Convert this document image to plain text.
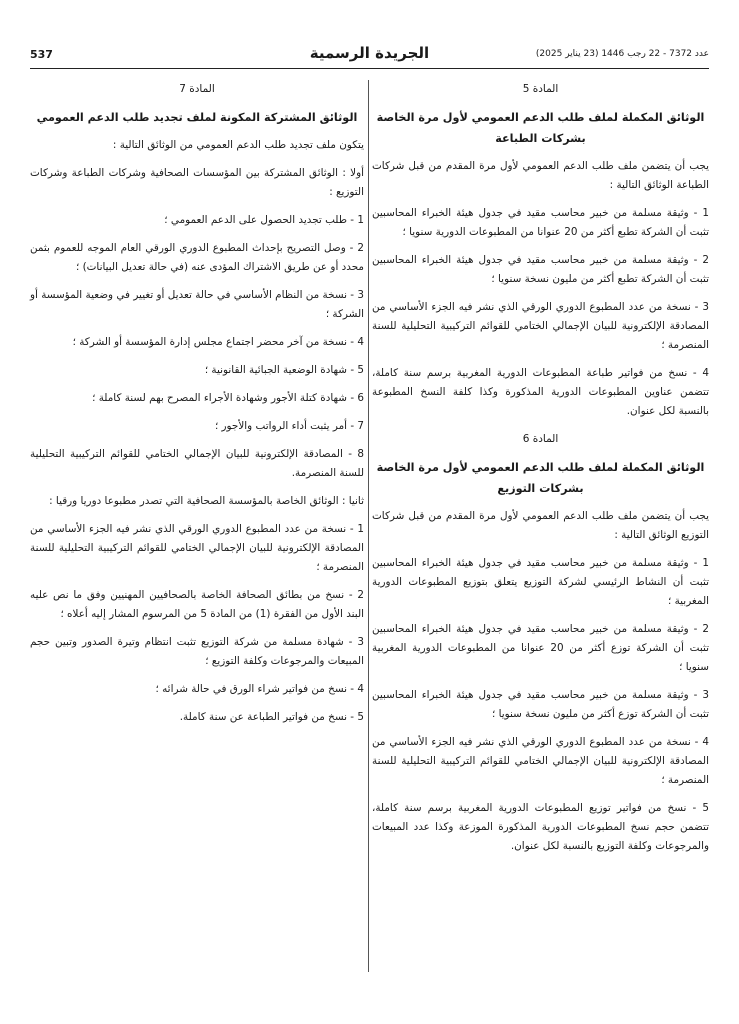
537	الجريدة الرسمية	عدد 7372 - 22 رجب 1446 (23 يناير 2025)

المادة 5

الوثائق المكملة لملف طلب الدعم العمومي لأول مرة الخاصة بشركات الطباعة

يجب أن يتضمن ملف طلب الدعم العمومي لأول مرة المقدم من قبل شركات الطباعة الوثائق التالية :

1 - وثيقة مسلمة من خبير محاسب مقيد في جدول هيئة الخبراء المحاسبين تثبت أن الشركة تطبع أكثر من 20 عنوانا من المطبوعات الدورية سنويا ؛

2 - وثيقة مسلمة من خبير محاسب مقيد في جدول هيئة الخبراء المحاسبين تثبت أن الشركة تطبع أكثر من مليون نسخة سنويا ؛

3 - نسخة من عدد المطبوع الدوري الورقي الذي نشر فيه الجزء الأساسي من المصادقة الإلكترونية للبيان الإجمالي الختامي للقوائم التركيبية التحليلية للسنة المنصرمة ؛

4 - نسخ من فواتير طباعة المطبوعات الدورية المغربية برسم سنة كاملة، تتضمن عناوين المطبوعات الدورية المذكورة وكذا كلفة النسخ المطبوعة بالنسبة لكل عنوان.

المادة 6

الوثائق المكملة لملف طلب الدعم العمومي لأول مرة الخاصة بشركات التوزيع

يجب أن يتضمن ملف طلب الدعم العمومي لأول مرة المقدم من قبل شركات التوزيع الوثائق التالية :

1 - وثيقة مسلمة من خبير محاسب مقيد في جدول هيئة الخبراء المحاسبين تثبت أن النشاط الرئيسي لشركة التوزيع يتعلق بتوزيع المطبوعات الدورية المغربية ؛

2 - وثيقة مسلمة من خبير محاسب مقيد في جدول هيئة الخبراء المحاسبين تثبت أن الشركة توزع أكثر من 20 عنوانا من المطبوعات الدورية المغربية سنويا ؛

3 - وثيقة مسلمة من خبير محاسب مقيد في جدول هيئة الخبراء المحاسبين تثبت أن الشركة توزع أكثر من مليون نسخة سنويا ؛

4 - نسخة من عدد المطبوع الدوري الورقي الذي نشر فيه الجزء الأساسي من المصادقة الإلكترونية للبيان الإجمالي الختامي للقوائم التركيبية التحليلية للسنة المنصرمة ؛

5 - نسخ من فواتير توزيع المطبوعات الدورية المغربية برسم سنة كاملة، تتضمن حجم نسخ المطبوعات الدورية المذكورة الموزعة وكذا عدد المبيعات والمرجوعات وكلفة التوزيع بالنسبة لكل عنوان.

المادة 7

الوثائق المشتركة المكونة لملف تجديد طلب الدعم العمومي

يتكون ملف تجديد طلب الدعم العمومي من الوثائق التالية :

أولا : الوثائق المشتركة بين المؤسسات الصحافية وشركات الطباعة وشركات التوزيع :

1 - طلب تجديد الحصول على الدعم العمومي ؛

2 - وصل التصريح بإحداث المطبوع الدوري الورقي العام الموجه للعموم بثمن محدد أو عن طريق الاشتراك المؤدى عنه (في حالة تعديل البيانات) ؛

3 - نسخة من النظام الأساسي في حالة تعديل أو تغيير في وضعية المؤسسة أو الشركة ؛

4 - نسخة من آخر محضر اجتماع مجلس إدارة المؤسسة أو الشركة ؛

5 - شهادة الوضعية الجبائية القانونية ؛

6 - شهادة كتلة الأجور وشهادة الأجراء المصرح بهم لسنة كاملة ؛

7 - أمر يثبت أداء الرواتب والأجور ؛

8 - المصادقة الإلكترونية للبيان الإجمالي الختامي للقوائم التركيبية التحليلية للسنة المنصرمة.

ثانيا : الوثائق الخاصة بالمؤسسة الصحافية التي تصدر مطبوعا دوريا ورقيا :

1 - نسخة من عدد المطبوع الدوري الورقي الذي نشر فيه الجزء الأساسي من المصادقة الإلكترونية للبيان الإجمالي الختامي للقوائم التركيبية التحليلية للسنة المنصرمة ؛

2 - نسخ من بطائق الصحافة الخاصة بالصحافيين المهنيين وفق ما نص عليه البند الأول من الفقرة (1) من المادة 5 من المرسوم المشار إليه أعلاه ؛

3 - شهادة مسلمة من شركة التوزيع تثبت انتظام وتيرة الصدور وتبين حجم المبيعات والمرجوعات وكلفة التوزيع ؛

4 - نسخ من فواتير شراء الورق في حالة شرائه ؛

5 - نسخ من فواتير الطباعة عن سنة كاملة.
